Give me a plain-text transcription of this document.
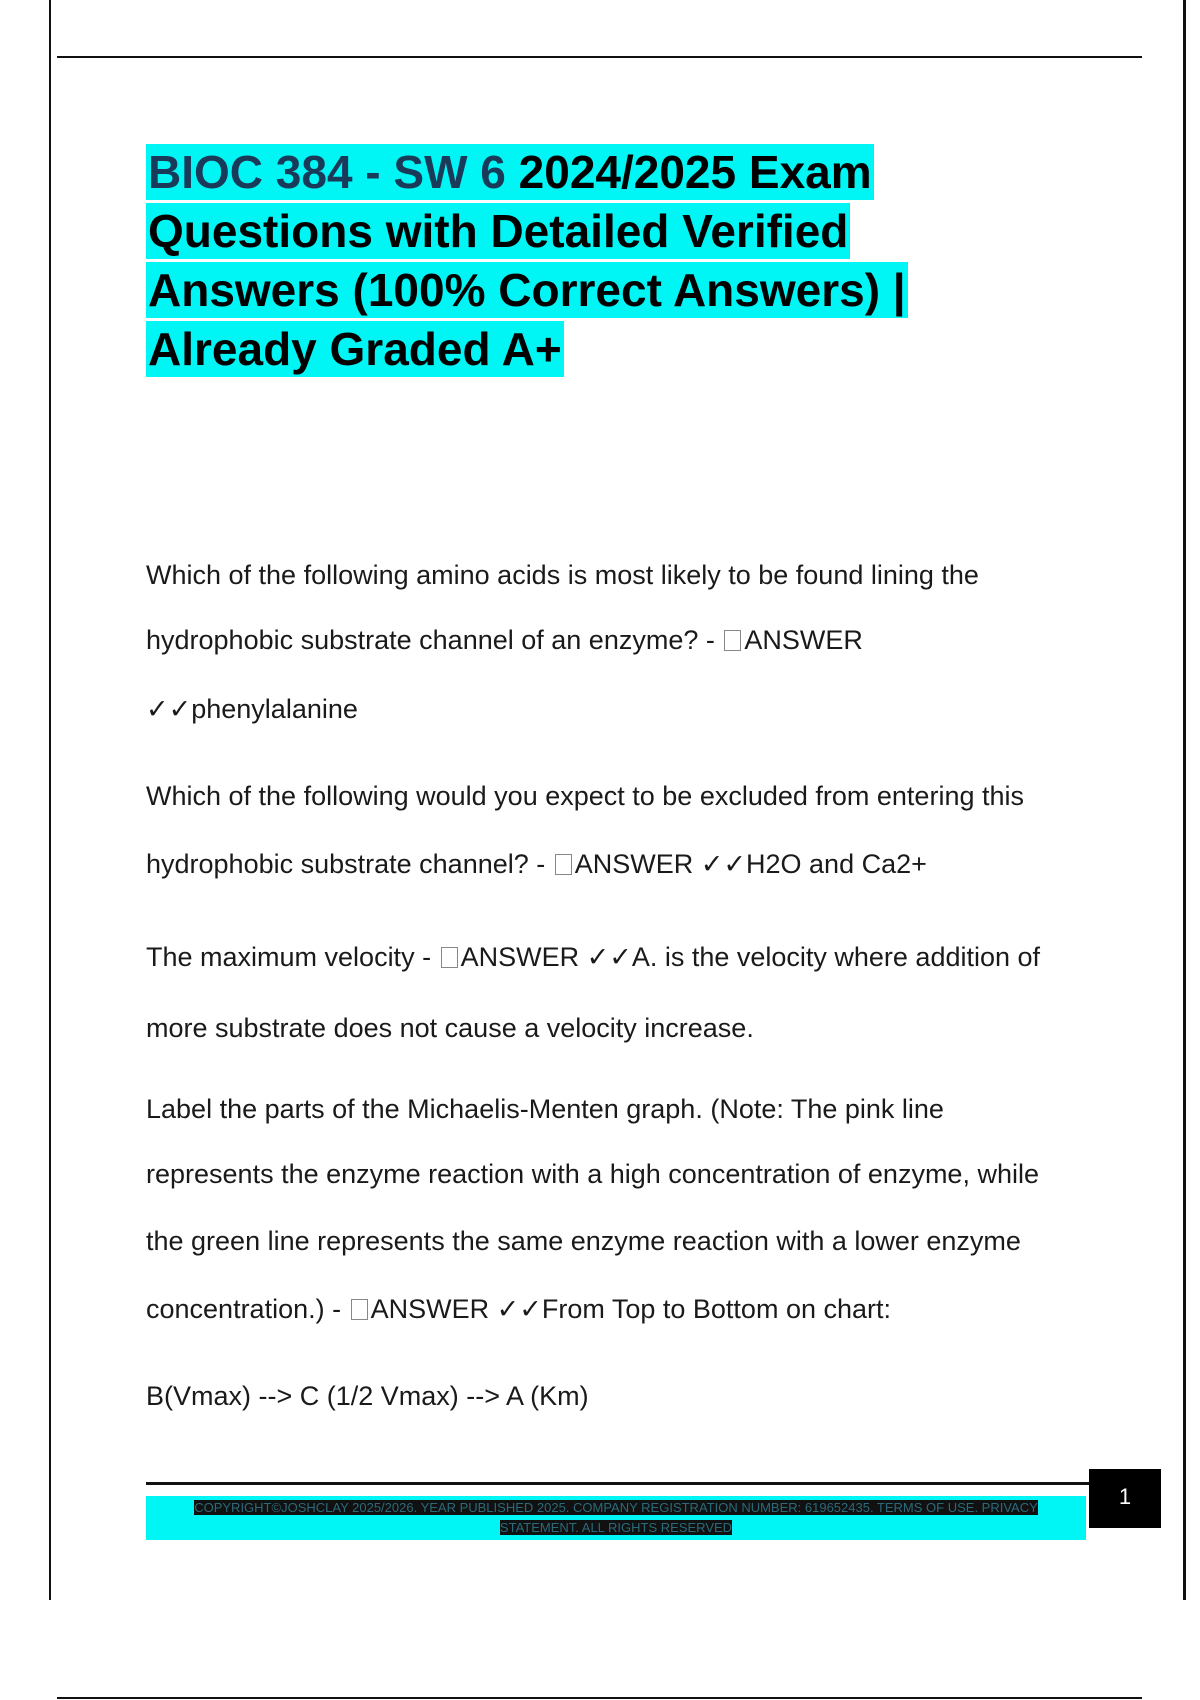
BIOC 384 - SW 6 2024/2025 Exam
Questions with Detailed Verified
Answers (100% Correct Answers) |
Already Graded A+
Which of the following amino acids is most likely to be found lining the
hydrophobic substrate channel of an enzyme? - ANSWER
✓✓phenylalanine
Which of the following would you expect to be excluded from entering this
hydrophobic substrate channel? - ANSWER ✓✓H2O and Ca2+
The maximum velocity - ANSWER ✓✓A. is the velocity where addition of
more substrate does not cause a velocity increase.
Label the parts of the Michaelis-Menten graph. (Note: The pink line
represents the enzyme reaction with a high concentration of enzyme, while
the green line represents the same enzyme reaction with a lower enzyme
concentration.) - ANSWER ✓✓From Top to Bottom on chart:
B(Vmax) --> C (1/2 Vmax) --> A (Km)
COPYRIGHT©JOSHCLAY 2025/2026. YEAR PUBLISHED 2025. COMPANY REGISTRATION NUMBER: 619652435. TERMS OF USE. PRIVACY
STATEMENT. ALL RIGHTS RESERVED
1
